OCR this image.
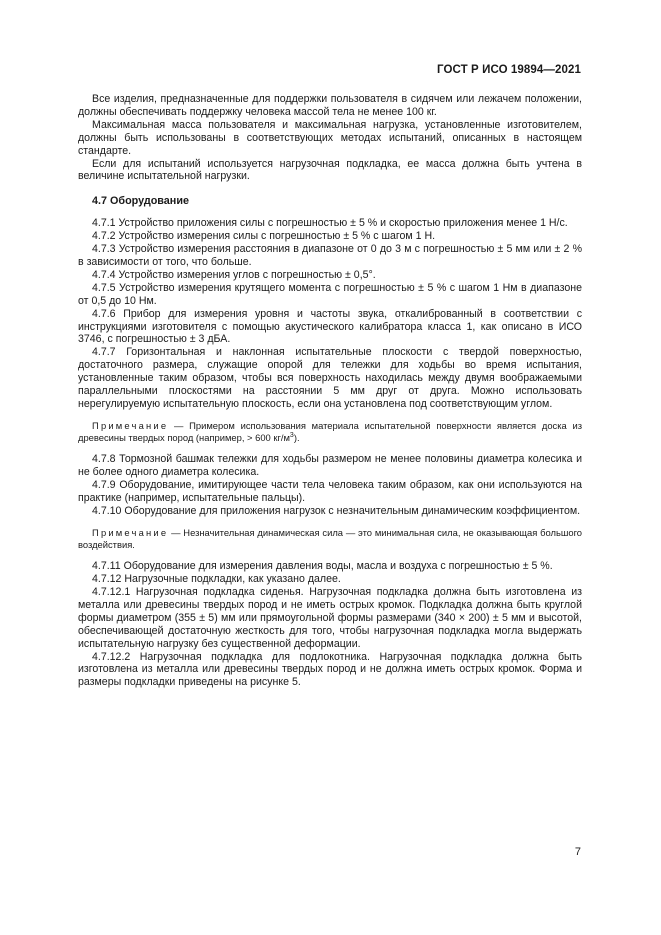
ГОСТ Р ИСО 19894—2021

Все изделия, предназначенные для поддержки пользователя в сидячем или лежачем положении, должны обеспечивать поддержку человека массой тела не менее 100 кг.

Максимальная масса пользователя и максимальная нагрузка, установленные изготовителем, должны быть использованы в соответствующих методах испытаний, описанных в настоящем стандарте.

Если для испытаний используется нагрузочная подкладка, ее масса должна быть учтена в величине испытательной нагрузки.

4.7 Оборудование

4.7.1 Устройство приложения силы с погрешностью ± 5 % и скоростью приложения менее 1 Н/с.

4.7.2 Устройство измерения силы с погрешностью ± 5 % с шагом 1 Н.

4.7.3 Устройство измерения расстояния в диапазоне от 0 до 3 м с погрешностью ± 5 мм или ± 2 % в зависимости от того, что больше.

4.7.4 Устройство измерения углов с погрешностью ± 0,5°.

4.7.5 Устройство измерения крутящего момента с погрешностью ± 5 % с шагом 1 Нм в диапазоне от 0,5 до 10 Нм.

4.7.6 Прибор для измерения уровня и частоты звука, откалиброванный в соответствии с инструкциями изготовителя с помощью акустического калибратора класса 1, как описано в ИСО 3746, с погрешностью ± 3 дБА.

4.7.7 Горизонтальная и наклонная испытательные плоскости с твердой поверхностью, достаточного размера, служащие опорой для тележки для ходьбы во время испытания, установленные таким образом, чтобы вся поверхность находилась между двумя воображаемыми параллельными плоскостями на расстоянии 5 мм друг от друга. Можно использовать нерегулируемую испытательную плоскость, если она установлена под соответствующим углом.

Примечание — Примером использования материала испытательной поверхности является доска из древесины твердых пород (например, > 600 $кг/м^3$).

4.7.8 Тормозной башмак тележки для ходьбы размером не менее половины диаметра колесика и не более одного диаметра колесика.

4.7.9 Оборудование, имитирующее части тела человека таким образом, как они используются на практике (например, испытательные пальцы).

4.7.10 Оборудование для приложения нагрузок с незначительным динамическим коэффициентом.

Примечание — Незначительная динамическая сила — это минимальная сила, не оказывающая большого воздействия.

4.7.11 Оборудование для измерения давления воды, масла и воздуха с погрешностью ± 5 %.

4.7.12 Нагрузочные подкладки, как указано далее.

4.7.12.1 Нагрузочная подкладка сиденья. Нагрузочная подкладка должна быть изготовлена из металла или древесины твердых пород и не иметь острых кромок. Подкладка должна быть круглой формы диаметром (355 ± 5) мм или прямоугольной формы размерами (340 × 200) ± 5 мм и высотой, обеспечивающей достаточную жесткость для того, чтобы нагрузочная подкладка могла выдержать испытательную нагрузку без существенной деформации.

4.7.12.2 Нагрузочная подкладка для подлокотника. Нагрузочная подкладка должна быть изготовлена из металла или древесины твердых пород и не должна иметь острых кромок. Форма и размеры подкладки приведены на рисунке 5.

7
